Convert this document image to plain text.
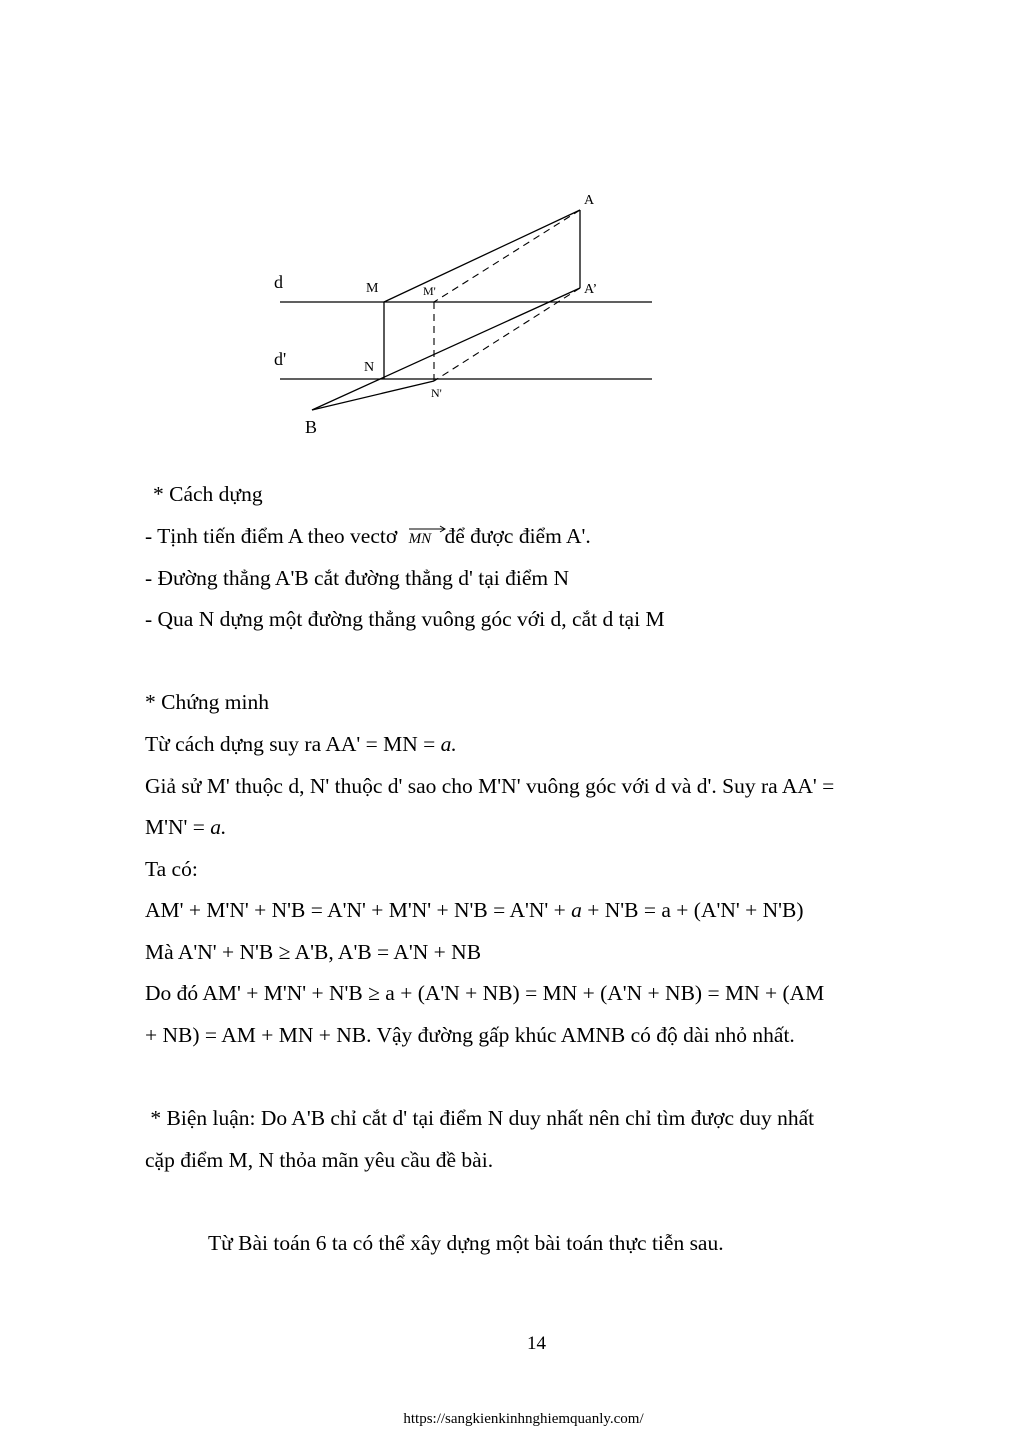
A
A’
M	M'
N
N'
B
d
d'
* Cách dựng
- Tịnh tiến điểm A theo vectơ MN để được điểm A'.
- Đường thẳng A'B cắt đường thẳng d' tại điểm N
- Qua N dựng một đường thẳng vuông góc với d, cắt d tại M
* Chứng minh
Từ cách dựng suy ra AA' = MN = a.
Giả sử M' thuộc d, N' thuộc d' sao cho M'N' vuông góc với d và d'. Suy ra AA' =
M'N' = a.
Ta có:
AM' + M'N' + N'B = A'N' + M'N' + N'B = A'N' + a + N'B = a + (A'N' + N'B)
Mà A'N' + N'B ≥ A'B, A'B = A'N + NB
Do đó AM' + M'N' + N'B ≥ a + (A'N + NB) = MN + (A'N + NB) = MN + (AM
+ NB) = AM + MN + NB. Vậy đường gấp khúc AMNB có độ dài nhỏ nhất.
* Biện luận: Do A'B chỉ cắt d' tại điểm N duy nhất nên chỉ tìm được duy nhất
cặp điểm M, N thỏa mãn yêu cầu đề bài.
Từ Bài toán 6 ta có thể xây dựng một bài toán thực tiễn sau.
14
https://sangkienkinhnghiemquanly.com/
